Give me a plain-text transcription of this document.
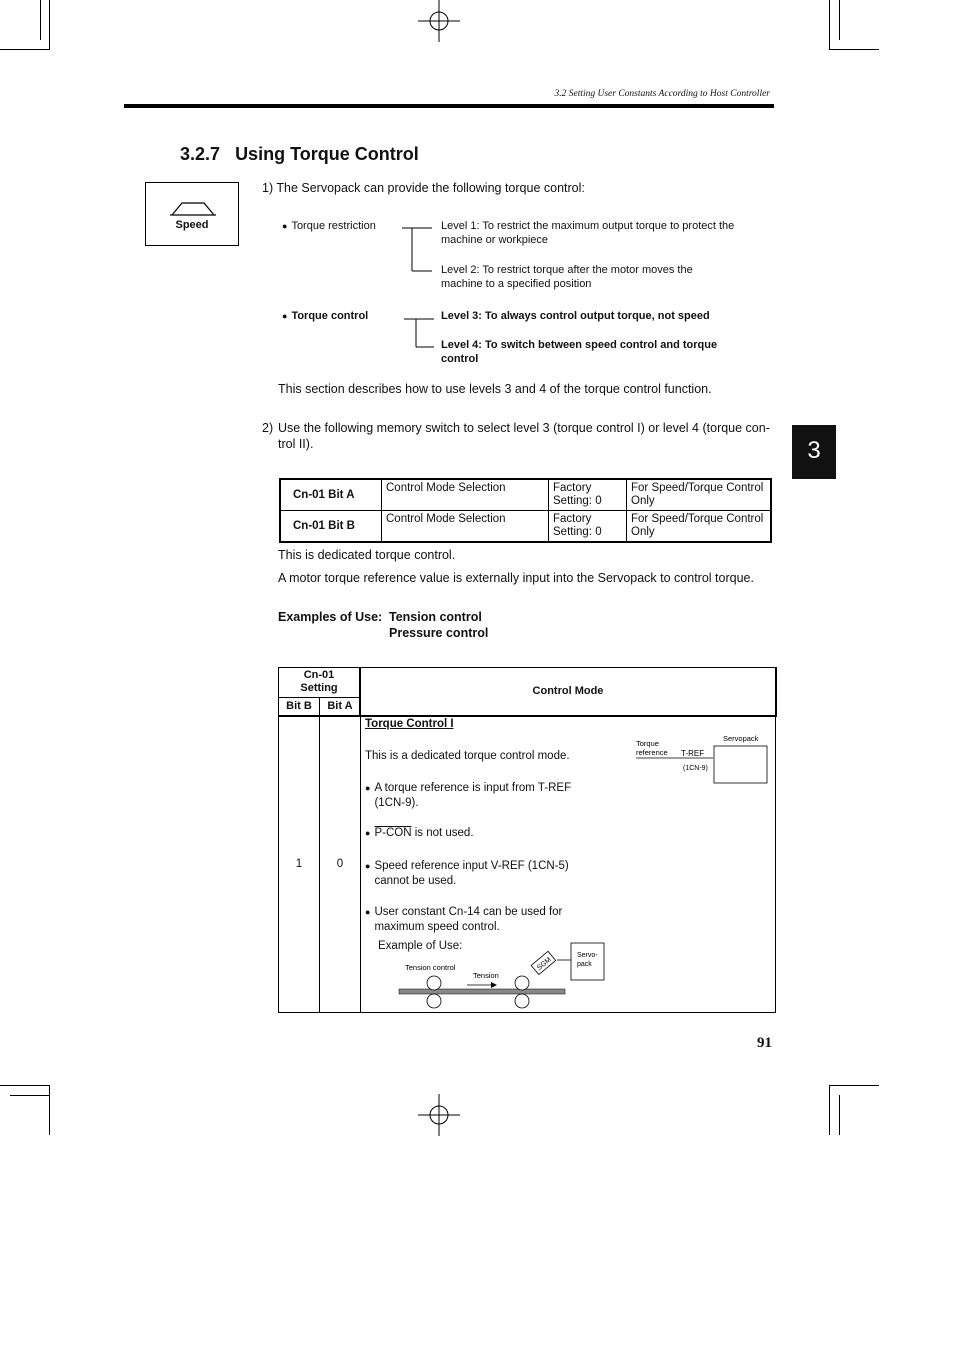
3.2 Setting User Constants According to Host Controller
3.2.7 Using Torque Control
Speed
1) The Servopack can provide the following torque control:
● Torque restriction	Level 1: To restrict the maximum output torque to protect the machine or workpiece
Level 2: To restrict torque after the motor moves the machine to a specified position
● Torque control	Level 3: To always control output torque, not speed
Level 4: To switch between speed control and torque control
This section describes how to use levels 3 and 4 of the torque control function.
2) Use the following memory switch to select level 3 (torque control I) or level 4 (torque con- trol II).
Cn-01 Bit A	Control Mode Selection	Factory Setting: 0	For Speed/Torque Control Only
Cn-01 Bit B	Control Mode Selection	Factory Setting: 0	For Speed/Torque Control Only
This is dedicated torque control.
A motor torque reference value is externally input into the Servopack to control torque.
Examples of Use: Tension control
Pressure control
Cn-01 Setting
Bit B	Bit A
Control Mode
1	0
Torque Control I
This is a dedicated torque control mode.
●
A torque reference is input from T-REF (1CN-9).
● P-CON is not used.
●
Speed reference input V-REF (1CN-5) cannot be used.
●
User constant Cn-14 can be used for maximum speed control.
Example of Use:
Torque
reference T-REF
(1CN-9)
Servopack
Tension control
Tension
SGM
Servo-
pack
3
91
